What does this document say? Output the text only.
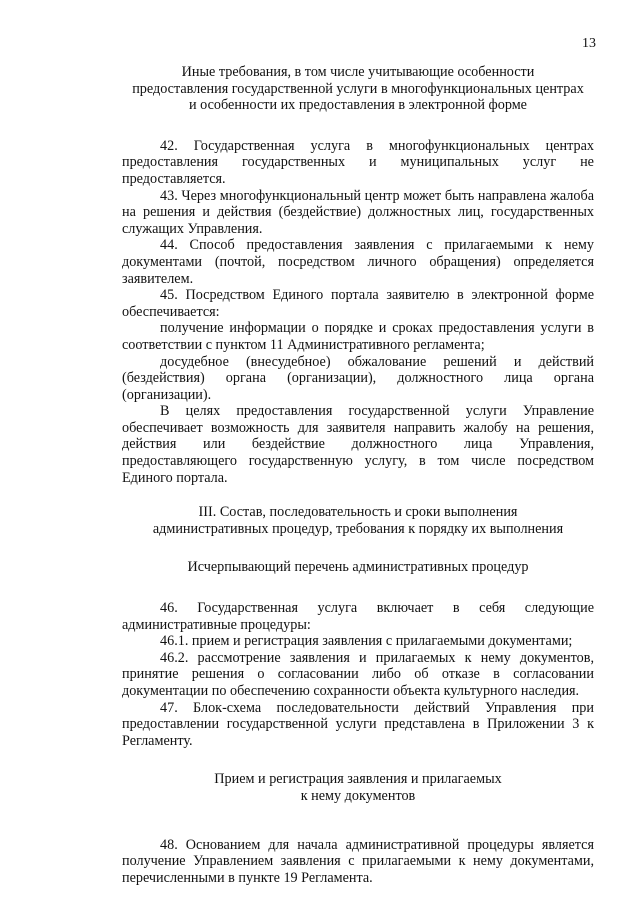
13

Иные требования, в том числе учитывающие особенности
предоставления государственной услуги в многофункциональных центрах
и особенности их предоставления в электронной форме

42. Государственная услуга в многофункциональных центрах предоставления государственных и муниципальных услуг не предоставляется.

43. Через многофункциональный центр может быть направлена жалоба на решения и действия (бездействие) должностных лиц, государственных служащих Управления.

44. Способ предоставления заявления с прилагаемыми к нему документами (почтой, посредством личного обращения) определяется заявителем.

45. Посредством Единого портала заявителю в электронной форме обеспечивается:

получение информации о порядке и сроках предоставления услуги в соответствии с пунктом 11 Административного регламента;

досудебное (внесудебное) обжалование решений и действий (бездействия) органа (организации), должностного лица органа (организации).

В целях предоставления государственной услуги Управление обеспечивает возможность для заявителя направить жалобу на решения, действия или бездействие должностного лица Управления, предоставляющего государственную услугу, в том числе посредством Единого портала.

III. Состав, последовательность и сроки выполнения
административных процедур, требования к порядку их выполнения
Исчерпывающий перечень административных процедур

46. Государственная услуга включает в себя следующие административные процедуры:

46.1. прием и регистрация заявления с прилагаемыми документами;

46.2. рассмотрение заявления и прилагаемых к нему документов, принятие решения о согласовании либо об отказе в согласовании документации по обеспечению сохранности объекта культурного наследия.

47. Блок-схема последовательности действий Управления при предоставлении государственной услуги представлена в Приложении 3 к Регламенту.

Прием и регистрация заявления и прилагаемых
к нему документов

48. Основанием для начала административной процедуры является получение Управлением заявления с прилагаемыми к нему документами, перечисленными в пункте 19 Регламента.
